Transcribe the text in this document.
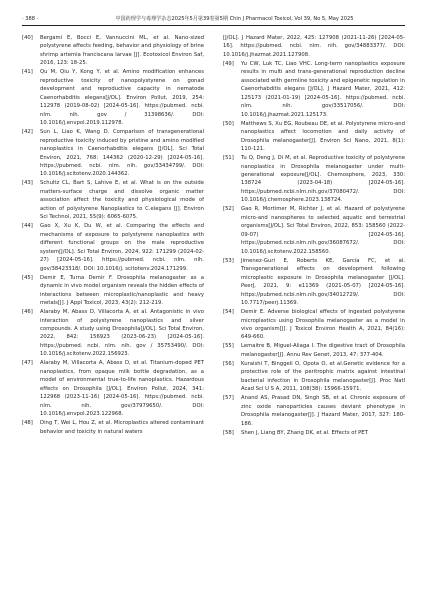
· 388 ·	中国药理学与毒理学杂志2025年5月第39卷第5期 Chin J Pharmacol Toxicol, Vol 39, No 5, May 2025
[40] Bergami E, Bocci E, Vannuccini ML, et al. Nano-sized polystyrene affects feeding, behavior and physiology of brine shrimp artemia franciscana larvae [J]. Ecotoxicol Environ Saf, 2016, 123: 18-25.
[41] Qu M, Qiu Y, Kong Y, et al. Amino modification enhances reproductive toxicity of nanopolystyrene on gonad development and reproductive capacity in nematode Caenorhabditis elegans[J/OL]. Environ Pollut, 2019, 254: 112978 (2019-08-02) [2024-05-16]. https://pubmed. ncbi. nlm. nih. gov / 31398636/. DOI: 10.1016/j.envpol.2019.112978.
[42] Sun L, Liao K, Wang D. Comparison of transgenerational reproductive toxicity induced by pristine and amino modified nanoplastics in Caenorhabditis elegans [J/OL]. Sci Total Environ, 2021, 768: 144362 (2020-12-29) [2024-05-16]. https://pubmed. ncbi. nlm. nih. gov/33434799/. DOI: 10.1016/j.scitotenv.2020.144362.
[43] Schultz CL, Bart S, Lahive E, et al. What is on the outside matters-surface charge and dissolve organic matter association affect the toxicity and physiological mode of action of polystyrene Nanoplastics to C.elegans [J]. Environ Sci Technol, 2021, 55(9): 6065-6075.
[44] Gao X, Xu K, Du W, et al. Comparing the effects and mechanisms of exposure to polystyrene nanoplastics with different functional groups on the male reproductive system[J/OL]. Sci Total Environ, 2024, 922: 171299 (2024-02-27) [2024-05-16]. https://pubmed. ncbi. nlm. nih. gov/38423318/. DOI: 10.1016/j. scitotenv.2024.171299.
[45] Demir E, Turna Demir F. Drosophila melanogaster as a dynamic in vivo model organism reveals the hidden effects of interactions between microplastic/nanoplastic and heavy metals[J]. J Appl Toxicol, 2023, 43(2): 212-219.
[46] Alaraby M, Abass D, Villacorta A, et al. Antagonistic in vivo interaction of polystyrene nanoplastics and silver compounds. A study using Drosophila[J/OL]. Sci Total Environ, 2022, 842: 156923 (2023-06-23) [2024-05-16]. https://pubmed. ncbi. nlm. nih. gov / 35753490/. DOI: 10.1016/j.scitotenv.2022.156923.
[47] Alaraby M, Villacorta A, Abass D, et al. Titanium-doped PET nanoplastics, from opaque milk bottle degradation, as a model of environmental true-to-life nanoplastics. Hazardous effects on Drosophila [J/OL]. Environ Pollut, 2024, 341: 122968 (2023-11-16) [2024-05-16]. https://pubmed. ncbi. nlm. nih. gov/37979650/. DOI: 10.1016/j.envpol.2023.122968.
[48] Ding T, Wei L, Hou Z, et al. Microplastics altered contaminant behavior and toxicity in natural waters
[J/OL]. J Hazard Mater, 2022, 425: 127908 (2021-11-26) [2024-05-16]. https://pubmed. ncbi. nlm. nih. gov/34883377/. DOI: 10.1016/j.jhazmat.2021.127908.
[49] Yu CW, Luk TC, Liao VHC. Long-term nanoplastics exposure results in multi and trans-generational reproduction decline associated with germline toxicity and epigenetic regulation in Caenorhabditis elegans [J/OL]. J Hazard Mater, 2021, 412: 125173 (2021-01-19) [2024-05-16]. https://pubmed. ncbi. nlm. nih. gov/33517056/. DOI: 10.1016/j.jhazmat.2021.125173.
[50] Matthews S, Xu EG, Roubeau DE, et al. Polystyrene micro-and nanoplastics affect locomotion and daily activity of Drosophila melanogaster[J]. Environ Sci Nano, 2021, 8(1): 110-121.
[51] Tu Q, Deng J, Di M, et al. Reproductive toxicity of polystyrene nanoplastics in Drosophila melanogaster under multi-generational exposure[J/OL]. Chemosphere, 2023, 330: 138724 (2023-04-18) [2024-05-16]. https://pubmed.ncbi.nlm.nih.gov/37080472/. DOI: 10.1016/j.chemosphere.2023.138724.
[52] Gao R, Mortimer M, Richter J, et al. Hazard of polystyrene micro-and nanospheres to selected aquatic and terrestrial organisms[J/OL]. Sci Total Environ, 2022, 853: 158560 (2022-09-07) [2024-05-16]. https://pubmed.ncbi.nlm.nih.gov/36087672/. DOI: 10.1016/j.scitotenv.2022.158560.
[53] Jimenez-Guri E, Roberts KE, García FC, et al. Transgenerational effects on development following microplastic exposure in Drosophila melanogaster [J/OL]. PeerJ, 2021, 9: e11369 (2021-05-07) [2024-05-16]. https://pubmed.ncbi.nlm.nih.gov/34012729/. DOI: 10.7717/peerj.11369.
[54] Demir E. Adverse biological effects of ingested polystyrene microplastics using Drosophila melanogaster as a model in vivo organism[J]. J Toxicol Environ Health A, 2021, 84(16): 649-660.
[55] Lemaitre B, Miguel-Aliaga I. The digestive tract of Drosophila melanogaster[J]. Annu Rev Genet, 2013, 47: 377-404.
[56] Kuraishi T, Binggeli O, Opota O, et al.Genetic evidence for a protective role of the peritrophic matrix against intestinal bacterial infection in Drosophila melanogaster[J]. Proc Natl Acad Sci U S A, 2011, 108(38): 15966-15971.
[57] Anand AS, Prasad DN, Singh SB, et al. Chronic exposure of zinc oxide nanoparticles causes deviant phenotype in Drosophila melanogaster[J]. J Hazard Mater, 2017, 327: 180-186.
[58] Shen J, Liang BY, Zhang DK, et al. Effects of PET
